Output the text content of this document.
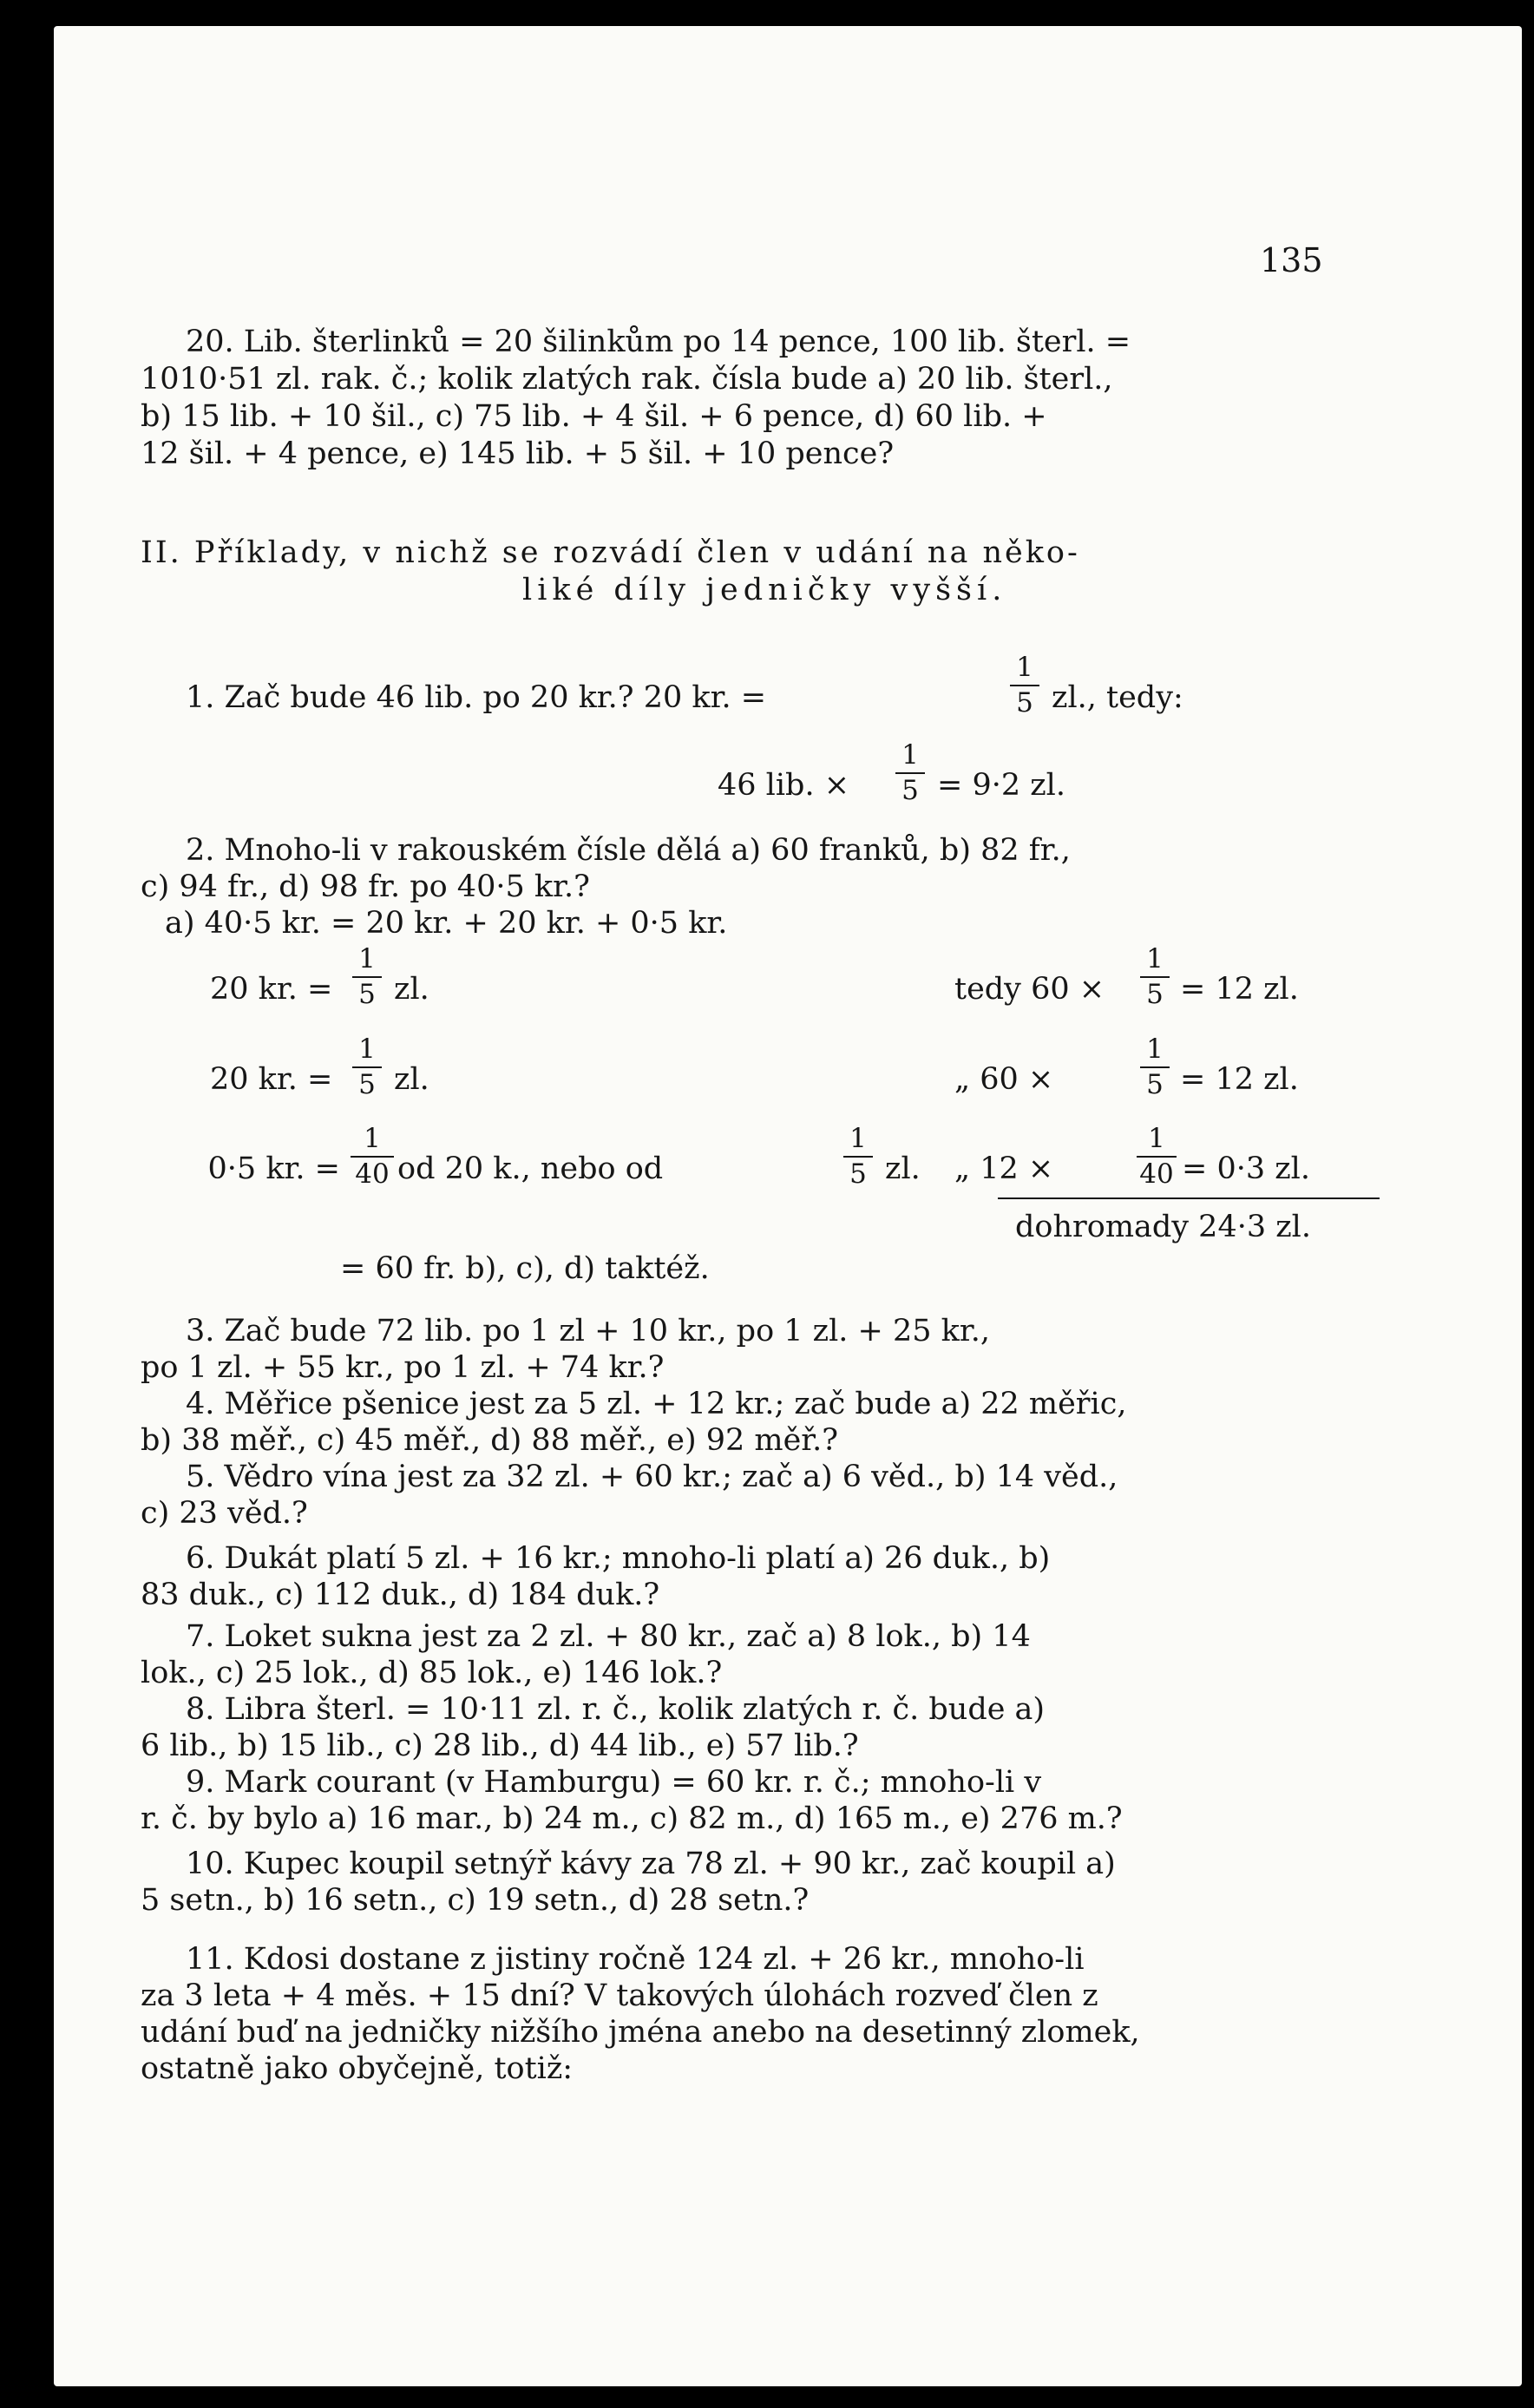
135
20. Lib. šterlinků = 20 šilinkům po 14 pence, 100 lib. šterl. =
1010·51 zl. rak. č.; kolik zlatých rak. čísla bude a) 20 lib. šterl.,
b) 15 lib. + 10 šil., c) 75 lib. + 4 šil. + 6 pence, d) 60 lib. +
12 šil. + 4 pence, e) 145 lib. + 5 šil. + 10 pence?
II. Příklady, v nichž se rozvádí člen v udání na něko-
liké díly jedničky vyšší.
1. Zač bude 46 lib. po 20 kr.? 20 kr. =
1
5 zl., tedy:
46 lib. ×
1
5 = 9·2 zl.
2. Mnoho-li v rakouském čísle dělá a) 60 franků, b) 82 fr.,
c) 94 fr., d) 98 fr. po 40·5 kr.?
a) 40·5 kr. = 20 kr. + 20 kr. + 0·5 kr.
20 kr. =
1
5 zl.	tedy 60 ×
1
5 = 12 zl.
20 kr. =
1
5 zl.	„ 60 ×
1
5 = 12 zl.
0·5 kr. =
1
40 od 20 k., nebo od
1
5 zl. „ 12 ×
1
40 = 0·3 zl.
dohromady 24·3 zl.
= 60 fr. b), c), d) taktéž.
3. Zač bude 72 lib. po 1 zl + 10 kr., po 1 zl. + 25 kr.,
po 1 zl. + 55 kr., po 1 zl. + 74 kr.?
4. Měřice pšenice jest za 5 zl. + 12 kr.; zač bude a) 22 měřic,
b) 38 měř., c) 45 měř., d) 88 měř., e) 92 měř.?
5. Vědro vína jest za 32 zl. + 60 kr.; zač a) 6 věd., b) 14 věd.,
c) 23 věd.?
6. Dukát platí 5 zl. + 16 kr.; mnoho-li platí a) 26 duk., b)
83 duk., c) 112 duk., d) 184 duk.?
7. Loket sukna jest za 2 zl. + 80 kr., zač a) 8 lok., b) 14
lok., c) 25 lok., d) 85 lok., e) 146 lok.?
8. Libra šterl. = 10·11 zl. r. č., kolik zlatých r. č. bude a)
6 lib., b) 15 lib., c) 28 lib., d) 44 lib., e) 57 lib.?
9. Mark courant (v Hamburgu) = 60 kr. r. č.; mnoho-li v
r. č. by bylo a) 16 mar., b) 24 m., c) 82 m., d) 165 m., e) 276 m.?
10. Kupec koupil setnýř kávy za 78 zl. + 90 kr., zač koupil a)
5 setn., b) 16 setn., c) 19 setn., d) 28 setn.?
11. Kdosi dostane z jistiny ročně 124 zl. + 26 kr., mnoho-li
za 3 leta + 4 měs. + 15 dní? V takových úlohách rozveď člen z
udání buď na jedničky nižšího jména anebo na desetinný zlomek,
ostatně jako obyčejně, totiž:
